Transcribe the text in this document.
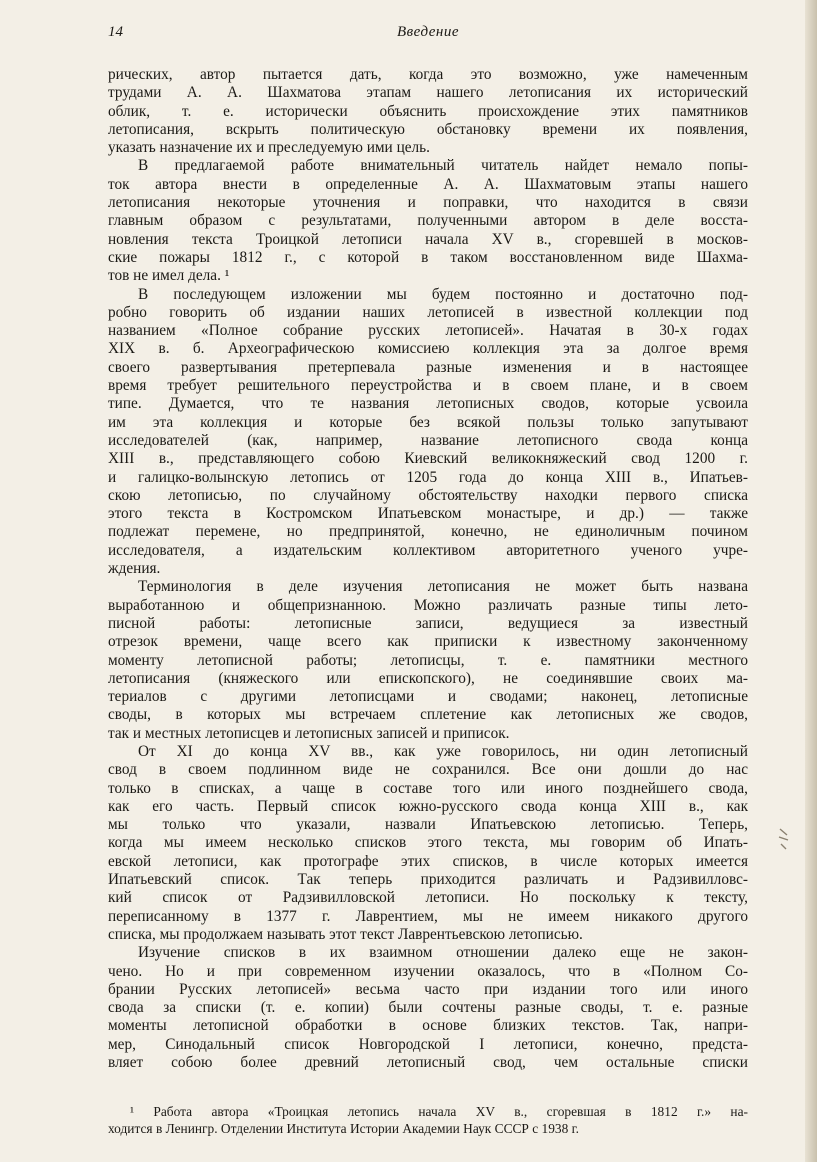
14	Введение
рических, автор пытается дать, когда это возможно, уже намеченным
трудами А. А. Шахматова этапам нашего летописания их исторический
облик, т. е. исторически объяснить происхождение этих памятников
летописания, вскрыть политическую обстановку времени их появления,
указать назначение их и преследуемую ими цель.
В предлагаемой работе внимательный читатель найдет немало попы-
ток автора внести в определенные А. А. Шахматовым этапы нашего
летописания некоторые уточнения и поправки, что находится в связи
главным образом с результатами, полученными автором в деле восста-
новления текста Троицкой летописи начала XV в., сгоревшей в москов-
ские пожары 1812 г., с которой в таком восстановленном виде Шахма-
тов не имел дела. ¹
В последующем изложении мы будем постоянно и достаточно под-
робно говорить об издании наших летописей в известной коллекции под
названием «Полное собрание русских летописей». Начатая в 30-х годах
XIX в. б. Археографическою комиссиею коллекция эта за долгое время
своего развертывания претерпевала разные изменения и в настоящее
время требует решительного переустройства и в своем плане, и в своем
типе. Думается, что те названия летописных сводов, которые усвоила
им эта коллекция и которые без всякой пользы только запутывают
исследователей (как, например, название летописного свода конца
XIII в., представляющего собою Киевский великокняжеский свод 1200 г.
и галицко-волынскую летопись от 1205 года до конца XIII в., Ипатьев-
скою летописью, по случайному обстоятельству находки первого списка
этого текста в Костромском Ипатьевском монастыре, и др.) — также
подлежат перемене, но предпринятой, конечно, не единоличным почином
исследователя, а издательским коллективом авторитетного ученого учре-
ждения.
Терминология в деле изучения летописания не может быть названа
выработанною и общепризнанною. Можно различать разные типы лето-
писной работы: летописные записи, ведущиеся за известный
отрезок времени, чаще всего как приписки к известному законченному
моменту летописной работы; летописцы, т. е. памятники местного
летописания (княжеского или епископского), не соединявшие своих ма-
териалов с другими летописцами и сводами; наконец, летописные
своды, в которых мы встречаем сплетение как летописных же сводов,
так и местных летописцев и летописных записей и приписок.
От XI до конца XV вв., как уже говорилось, ни один летописный
свод в своем подлинном виде не сохранился. Все они дошли до нас
только в списках, а чаще в составе того или иного позднейшего свода,
как его часть. Первый список южно-русского свода конца XIII в., как
мы только что указали, назвали Ипатьевскою летописью. Теперь,
когда мы имеем несколько списков этого текста, мы говорим об Ипать-
евской летописи, как протографе этих списков, в числе которых имеется
Ипатьевский список. Так теперь приходится различать и Радзивилловс-
кий список от Радзивилловской летописи. Но поскольку к тексту,
переписанному в 1377 г. Лаврентием, мы не имеем никакого другого
списка, мы продолжаем называть этот текст Лаврентьевскою летописью.
Изучение списков в их взаимном отношении далеко еще не закон-
чено. Но и при современном изучении оказалось, что в «Полном Со-
брании Русских летописей» весьма часто при издании того или иного
свода за списки (т. е. копии) были сочтены разные своды, т. е. разные
моменты летописной обработки в основе близких текстов. Так, напри-
мер, Синодальный список Новгородской I летописи, конечно, предста-
вляет собою более древний летописный свод, чем остальные списки
¹ Работа автора «Троицкая летопись начала XV в., сгоревшая в 1812 г.» на-
ходится в Ленингр. Отделении Института Истории Академии Наук СССР с 1938 г.
